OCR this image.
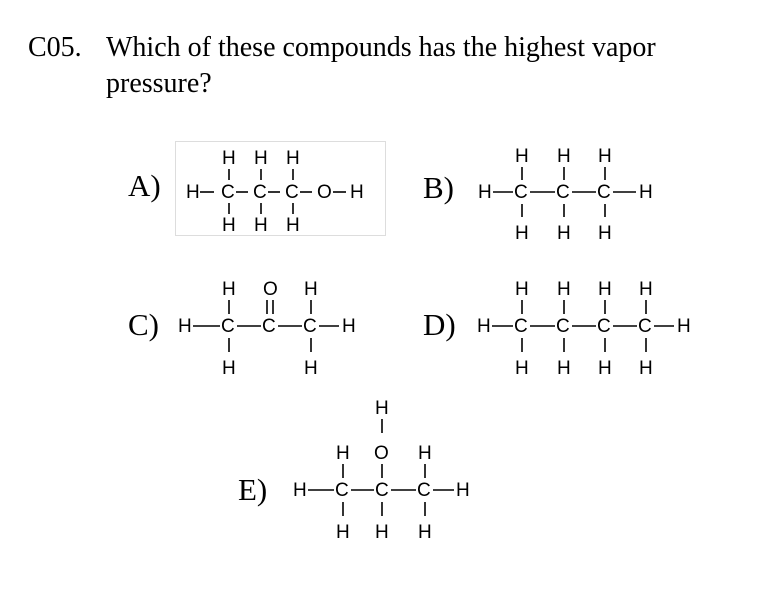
C05. Which of these compounds has the highest vapor
pressure?
A)
H H H
H C C C O H
H H H
B)
H H H
H C C C H
H H H
C)
H O H
H C C C H
H	H
D)
H H H H
H C C C C H
H H H H
E)
H
H O H
H C C C H
H H H
